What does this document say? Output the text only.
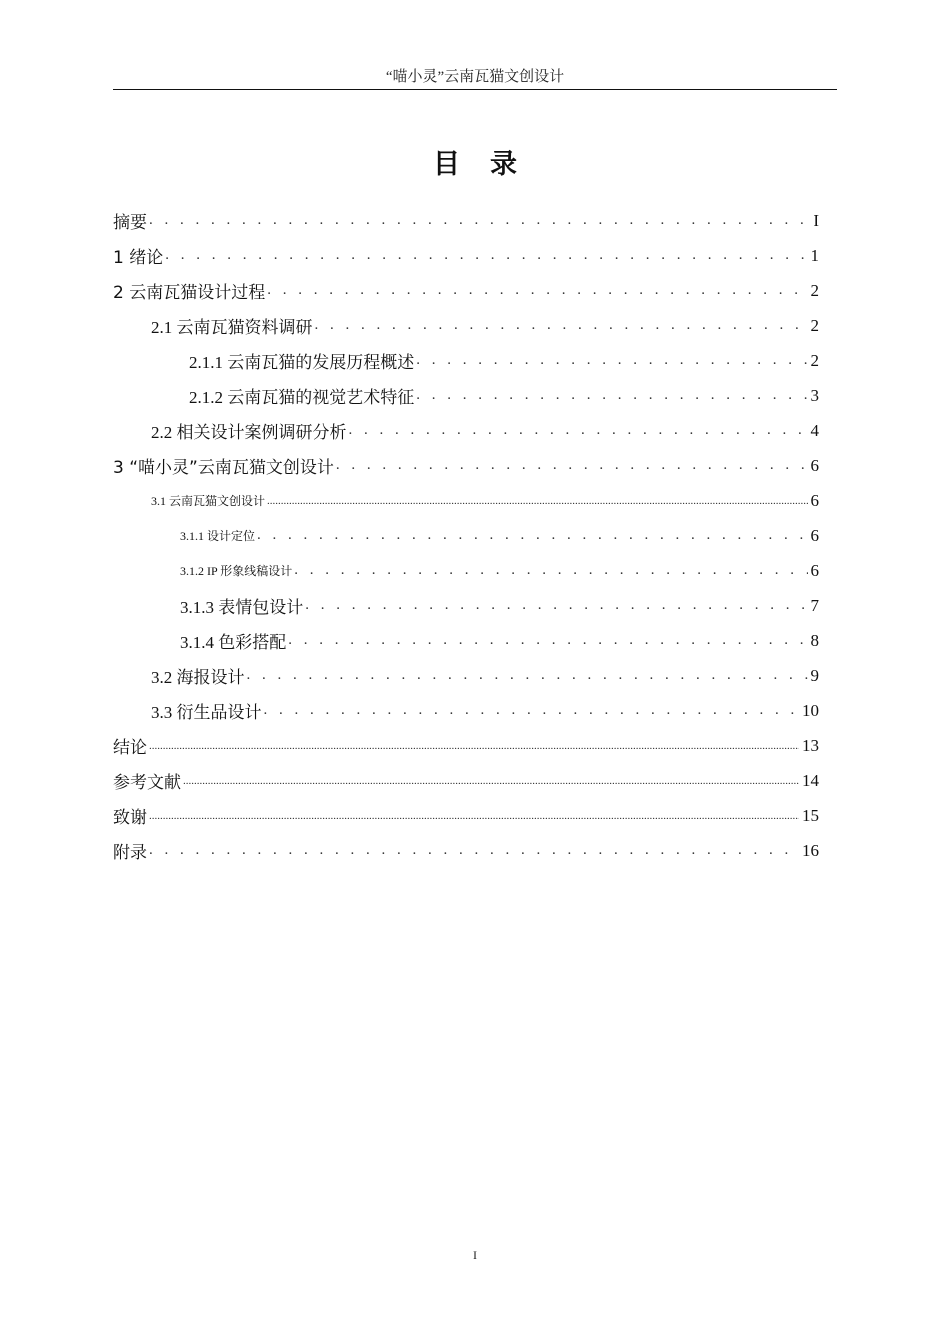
“喵小灵”云南瓦猫文创设计
目录
摘要 . . .	I
1 绪论 . . .	1
2 云南瓦猫设计过程 . . .	2
2.1 云南瓦猫资料调研 . . .	2
2.1.1 云南瓦猫的发展历程概述 . . .	2
2.1.2 云南瓦猫的视觉艺术特征 . . .	3
2.2 相关设计案例调研分析 . . .	4
3 “喵小灵”云南瓦猫文创设计 . . .	6
3.1 云南瓦猫文创设计 .....	6
3.1.1 设计定位 . . .	6
3.1.2 IP 形象线稿设计 . . .	6
3.1.3 表情包设计 . . .	7
3.1.4 色彩搭配 . . .	8
3.2 海报设计 . . .	9
3.3 衍生品设计 . . .	10
结论 .....	13
参考文献 .....	14
致谢 .....	15
附录 . . .	16
I
